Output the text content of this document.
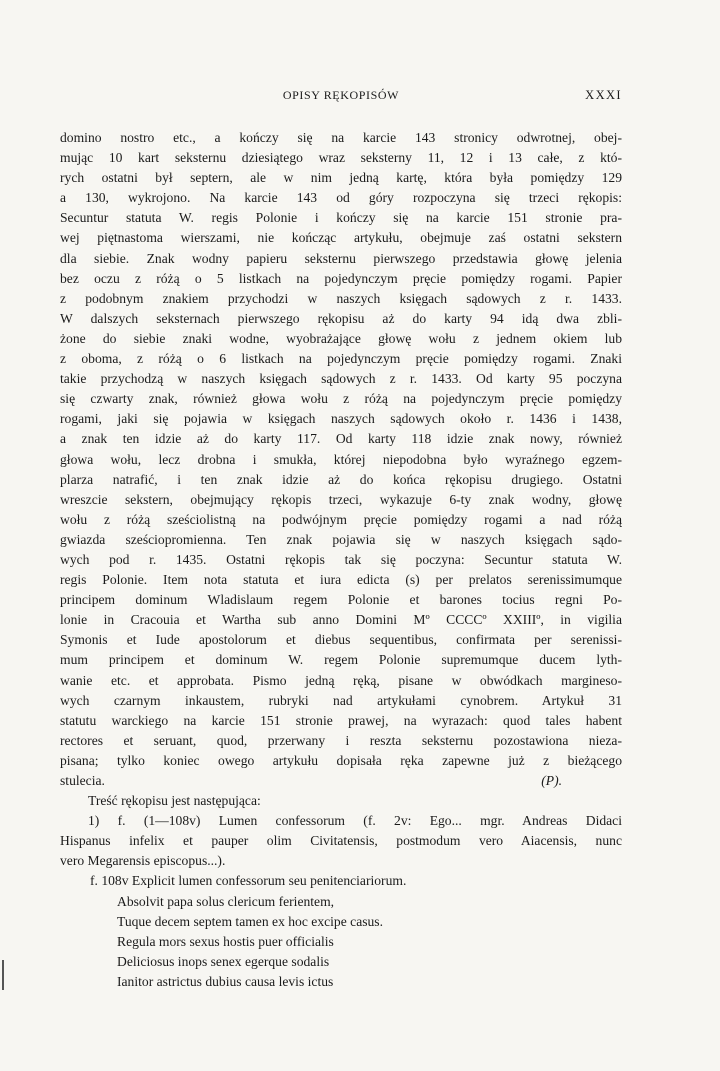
OPISY RĘKOPISÓW	XXXI
domino nostro etc., a kończy się na karcie 143 stronicy odwrotnej, obej-
mując 10 kart seksternu dziesiątego wraz seksterny 11, 12 i 13 całe, z któ-
rych ostatni był septern, ale w nim jedną kartę, która była pomiędzy 129
a 130, wykrojono. Na karcie 143 od góry rozpoczyna się trzeci rękopis:
Secuntur statuta W. regis Polonie i kończy się na karcie 151 stronie pra-
wej piętnastoma wierszami, nie kończąc artykułu, obejmuje zaś ostatni sekstern
dla siebie. Znak wodny papieru seksternu pierwszego przedstawia głowę jelenia
bez oczu z różą o 5 listkach na pojedynczym pręcie pomiędzy rogami. Papier
z podobnym znakiem przychodzi w naszych księgach sądowych z r. 1433.
W dalszych seksternach pierwszego rękopisu aż do karty 94 idą dwa zbli-
żone do siebie znaki wodne, wyobrażające głowę wołu z jednem okiem lub
z oboma, z różą o 6 listkach na pojedynczym pręcie pomiędzy rogami. Znaki
takie przychodzą w naszych księgach sądowych z r. 1433. Od karty 95 poczyna
się czwarty znak, również głowa wołu z różą na pojedynczym pręcie pomiędzy
rogami, jaki się pojawia w księgach naszych sądowych około r. 1436 i 1438,
a znak ten idzie aż do karty 117. Od karty 118 idzie znak nowy, również
głowa wołu, lecz drobna i smukła, której niepodobna było wyraźnego egzem-
plarza natrafić, i ten znak idzie aż do końca rękopisu drugiego. Ostatni
wreszcie sekstern, obejmujący rękopis trzeci, wykazuje 6-ty znak wodny, głowę
wołu z różą sześciolistną na podwójnym pręcie pomiędzy rogami a nad różą
gwiazda sześciopromienna. Ten znak pojawia się w naszych księgach sądo-
wych pod r. 1435. Ostatni rękopis tak się poczyna: Secuntur statuta W.
regis Polonie. Item nota statuta et iura edicta (s) per prelatos serenissimumque
principem dominum Wladislaum regem Polonie et barones tocius regni Po-
lonie in Cracouia et Wartha sub anno Domini Mº CCCCº XXIIIº, in vigilia
Symonis et Iude apostolorum et diebus sequentibus, confirmata per serenissi-
mum principem et dominum W. regem Polonie supremumque ducem lyth-
wanie etc. et approbata. Pismo jedną ręką, pisane w obwódkach margineso-
wych czarnym inkaustem, rubryki nad artykułami cynobrem. Artykuł 31
statutu warckiego na karcie 151 stronie prawej, na wyrazach: quod tales habent
rectores et seruant, quod, przerwany i reszta seksternu pozostawiona nieza-
pisana; tylko koniec owego artykułu dopisała ręka zapewne już z bieżącego
stulecia.	(P).
Treść rękopisu jest następująca:
1) f. (1—108v) Lumen confessorum (f. 2v: Ego... mgr. Andreas Didaci
Hispanus infelix et pauper olim Civitatensis, postmodum vero Aiacensis, nunc
vero Megarensis episcopus...).
f. 108v Explicit lumen confessorum seu penitenciariorum.
Absolvit papa solus clericum ferientem,
Tuque decem septem tamen ex hoc excipe casus.
Regula mors sexus hostis puer officialis
Deliciosus inops senex egerque sodalis
Ianitor astrictus dubius causa levis ictus
